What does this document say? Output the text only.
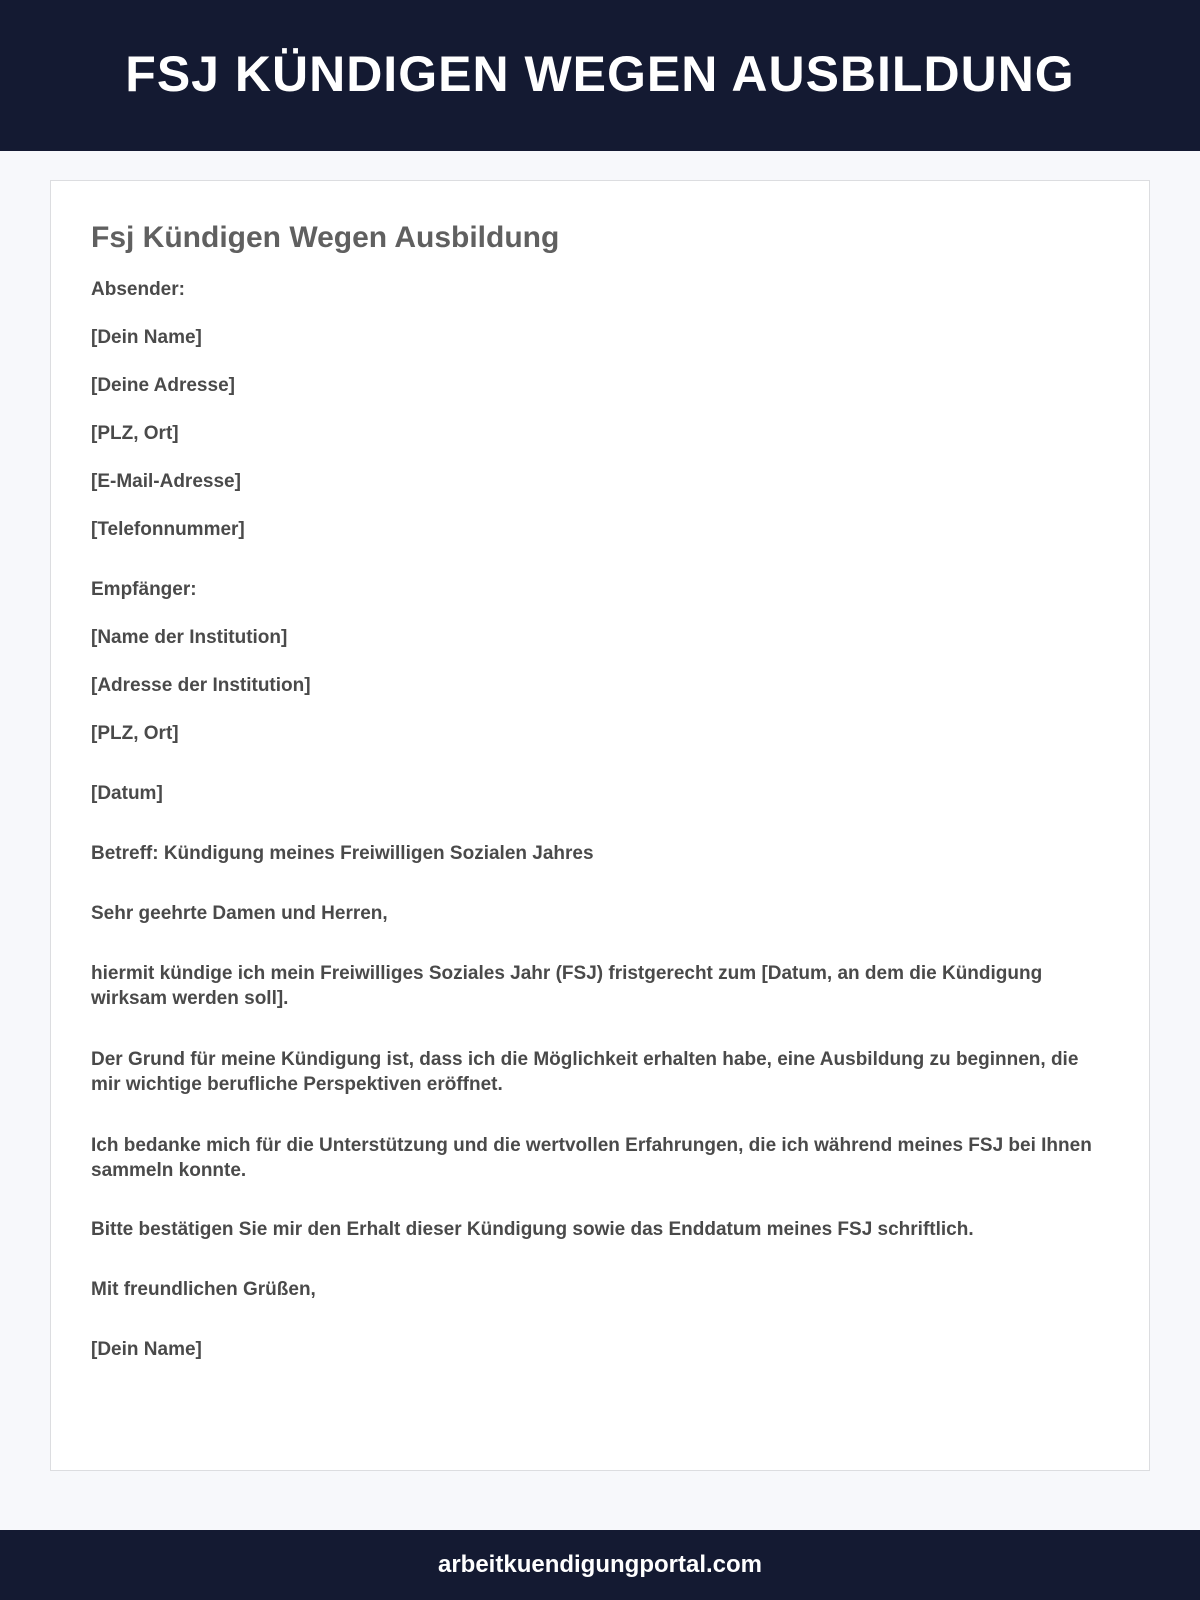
FSJ KÜNDIGEN WEGEN AUSBILDUNG
Fsj Kündigen Wegen Ausbildung
Absender:
[Dein Name]
[Deine Adresse]
[PLZ, Ort]
[E-Mail-Adresse]
[Telefonnummer]
Empfänger:
[Name der Institution]
[Adresse der Institution]
[PLZ, Ort]
[Datum]
Betreff: Kündigung meines Freiwilligen Sozialen Jahres
Sehr geehrte Damen und Herren,

hiermit kündige ich mein Freiwilliges Soziales Jahr (FSJ) fristgerecht zum [Datum, an dem die Kündigung wirksam werden soll].

Der Grund für meine Kündigung ist, dass ich die Möglichkeit erhalten habe, eine Ausbildung zu beginnen, die mir wichtige berufliche Perspektiven eröffnet.

Ich bedanke mich für die Unterstützung und die wertvollen Erfahrungen, die ich während meines FSJ bei Ihnen sammeln konnte.

Bitte bestätigen Sie mir den Erhalt dieser Kündigung sowie das Enddatum meines FSJ schriftlich.

Mit freundlichen Grüßen,
[Dein Name]
arbeitkuendigungportal.com
